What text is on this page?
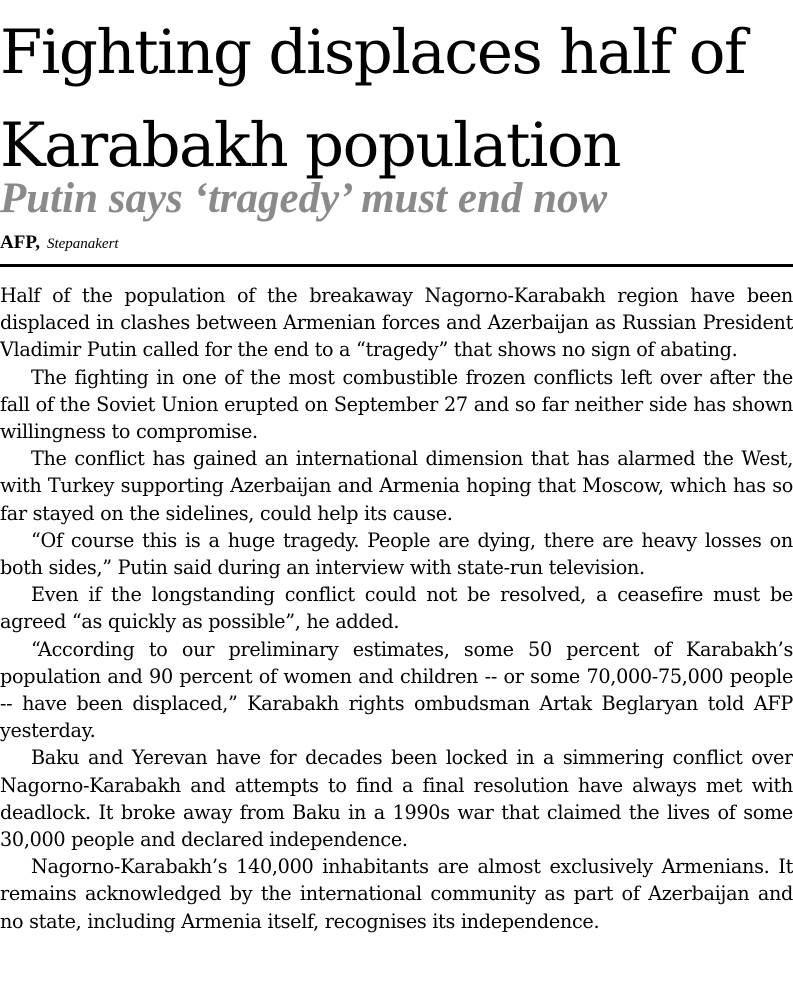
Fighting displaces half of
Karabakh population
Putin says ‘tragedy’ must end now
AFP, Stepanakert

Half of the population of the breakaway Nagorno-Karabakh region have been displaced in clashes between Armenian forces and Azerbaijan as Russian President Vladimir Putin called for the end to a “tragedy” that shows no sign of abating.

The fighting in one of the most combustible frozen conflicts left over after the fall of the Soviet Union erupted on September 27 and so far neither side has shown willingness to compromise.

The conflict has gained an international dimension that has alarmed the West, with Turkey supporting Azerbaijan and Armenia hoping that Moscow, which has so far stayed on the sidelines, could help its cause.

“Of course this is a huge tragedy. People are dying, there are heavy losses on both sides,” Putin said during an interview with state-run television.

Even if the longstanding conflict could not be resolved, a ceasefire must be agreed “as quickly as possible”, he added.

“According to our preliminary estimates, some 50 percent of Karabakh’s population and 90 percent of women and children -- or some 70,000-75,000 people -- have been displaced,” Karabakh rights ombudsman Artak Beglaryan told AFP yesterday.

Baku and Yerevan have for decades been locked in a simmering conflict over Nagorno-Karabakh and attempts to find a final resolution have always met with deadlock. It broke away from Baku in a 1990s war that claimed the lives of some 30,000 people and declared independence.

Nagorno-Karabakh’s 140,000 inhabitants are almost exclusively Armenians. It remains acknowledged by the international community as part of Azerbaijan and no state, including Armenia itself, recognises its independence.
